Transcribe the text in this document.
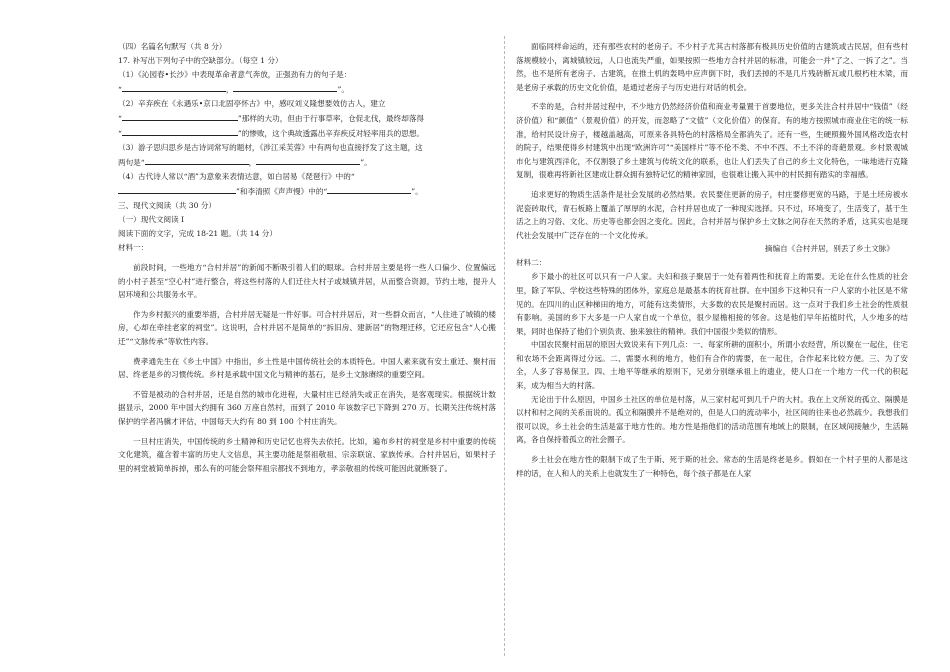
（四）名篇名句默写（共 8 分）
17. 补写出下列句子中的空缺部分。（每空 1 分）
（1）《沁园春•长沙》中表现革命者意气奔放，正强劲有力的句子是：
“	，	”。
（2）辛弃疾在《永遇乐•京口北固亭怀古》中，感叹刘义隆想要效仿古人，建立
“	”那样的大功，但由于行事草率，仓促北伐，最终却落得
“	”的惨败，这个典故透露出辛弃疾反对轻率用兵的思想。
（3）游子思归思乡是古诗词常写的题材，《涉江采芙蓉》中有两句也直接抒发了这主题，这
两句是“	，	”。
（4）古代诗人常以“酒”为意象来表情达意，如白居易《琵琶行》中的“
”和李清照《声声慢》中的“	”。
三、现代文阅读（共 30 分）
（一）现代文阅读 Ⅰ
阅读下面的文字，完成 18-21 题。（共 14 分）
材料一：
前段时间，一些地方“合村并居”的新闻不断吸引着人们的眼球。合村并居主要是将一些人口偏少、位置偏远的小村子甚至“空心村”进行整合，将这些村落的人们迁往大村子或城镇并居，从而整合资源，节约土地，提升人居环境和公共服务水平。
作为乡村振兴的重要举措，合村并居无疑是一件好事。可合村并居后，对一些群众而言，“人住进了城镇的楼房，心却在牵挂老家的祠堂”。这说明，合村并居不是简单的“拆旧房、建新居”的物理迁移，它还应包含“人心搬迁”“文脉传承”等软性内容。
费孝通先生在《乡土中国》中指出，乡土性是中国传统社会的本质特色。中国人素来就有安土重迁、聚村而居、终老是乡的习惯传统。乡村是承载中国文化与精神的基石，是乡土文脉赓续的重要空间。
不管是被动的合村并居，还是自然的城市化进程，大量村庄已经消失或正在消失，是客观现实。根据统计数据显示，2000 年中国大约拥有 360 万座自然村，而到了 2010 年该数字已下降到 270 万。长期关注传统村落保护的学者冯骥才评估，中国每天大约有 80 到 100 个村庄消失。
一旦村庄消失，中国传统的乡土精神和历史记忆也将失去依托。比如，遍布乡村的祠堂是乡村中重要的传统文化建筑，蕴含着丰富的历史人文信息，其主要功能是祭祖敬祖、宗亲联谊、家族传承。合村并居后，如果村子里的祠堂被简单拆掉，那么有的可能会祭拜祖宗都找不到地方，孝亲敬祖的传统可能因此就断裂了。
面临同样命运的，还有那些农村的老房子。不少村子尤其古村落都有极具历史价值的古建筑或古民居，但有些村落规模较小，离城镇较远，人口也流失严重，如果按照一些地方合村并居的标准，可能会一并“了之、一拆了之”。当然，也不是所有老房子、古建筑，在推土机的轰鸣中应声倒下时，我们丢掉的不是几片残砖断瓦或几根朽柱木梁，而是老房子承载的历史文化价值，是通过老房子与历史进行对话的机会。
不幸的是，合村并居过程中，不少地方仍然经济价值和商业考量置于首要地位，更多关注合村并居中“钱值”（经济价值）和“颜值”（景观价值）的开发，而忽略了“文值”（文化价值）的保育。有的地方按照城市商业住宅的统一标准，给村民设计房子，楼越盖越高，可原来各具特色的村落格局全都消失了。还有一些，生硬照搬外国风格改造农村的院子，结果使得乡村建筑中出现“欧洲许可”“美国样片”等不伦不类、不中不西、不土不洋的奇葩景观。乡村景观城市化与建筑西洋化，不仅割裂了乡土建筑与传统文化的联系，也让人们丢失了自己的乡土文化特色，一味地进行克隆复制，很难再将新社区建成让群众拥有独特记忆的精神家园，也很难让搬入其中的村民拥有踏实的幸福感。
追求更好的物质生活条件是社会发展的必然结果。农民要住更新的房子，村庄要修更宽的马路，于是土坯房被水泥瓷砖取代，青石板路上覆盖了厚厚的水泥，合村并居也成了一种现实选择。只不过，环境变了，生活变了，基于生活之上的习俗、文化、历史等也都会因之变化。因此，合村并居与保护乡土文脉之间存在天然的矛盾，这其实也是现代社会发展中广泛存在的一个文化传承。
摘编自《合村并居，别丢了乡土文脉》
材料二：
乡下最小的社区可以只有一户人家。夫妇和孩子聚居于一处有着两性和抚育上的需要。无论在什么性质的社会里，除了军队、学校这些特殊的团体外，家庭总是最基本的抚育社群。在中国乡下这种只有一户人家的小社区是不常见的。在四川的山区种梯田的地方，可能有这类情形，大多数的农民是聚村而居。这一点对于我们乡土社会的性质很有影响。美国的乡下大多是一户人家自成一个单位，很少屋檐相接的邻舍。这是他们早年拓植时代，人少地多的结果，同时也保持了他们个别负责、独来独往的精神。我们中国很少类似的情形。
中国农民聚村而居的原因大致说来有下列几点：一、每家所耕的面积小，所谓小农经营，所以聚在一起住，住宅和农场不会距离得过分远。二、需要水利的地方，他们有合作的需要，在一起住，合作起来比较方便。三、为了安全，人多了容易保卫。四、土地平等继承的原则下，兄弟分别继承祖上的遗业，使人口在一个地方一代一代的积起来，成为相当大的村落。
无论出于什么原因，中国乡土社区的单位是村落，从三家村起可到几千户的大村。我在上文所说的孤立、隔膜是以村和村之间的关系而说的。孤立和隔膜并不是绝对的，但是人口的流动率小，社区间的往来也必然疏少。我想我们很可以说，乡土社会的生活是富于地方性的。地方性是指他们的活动范围有地域上的限制，在区域间接触少，生活隔离，各自保持着孤立的社会圈子。
乡土社会在地方性的限制下成了生于斯、死于斯的社会。常态的生活是终老是乡。假如在一个村子里的人都是这样的话，在人和人的关系上也就发生了一种特色，每个孩子都是在人家
